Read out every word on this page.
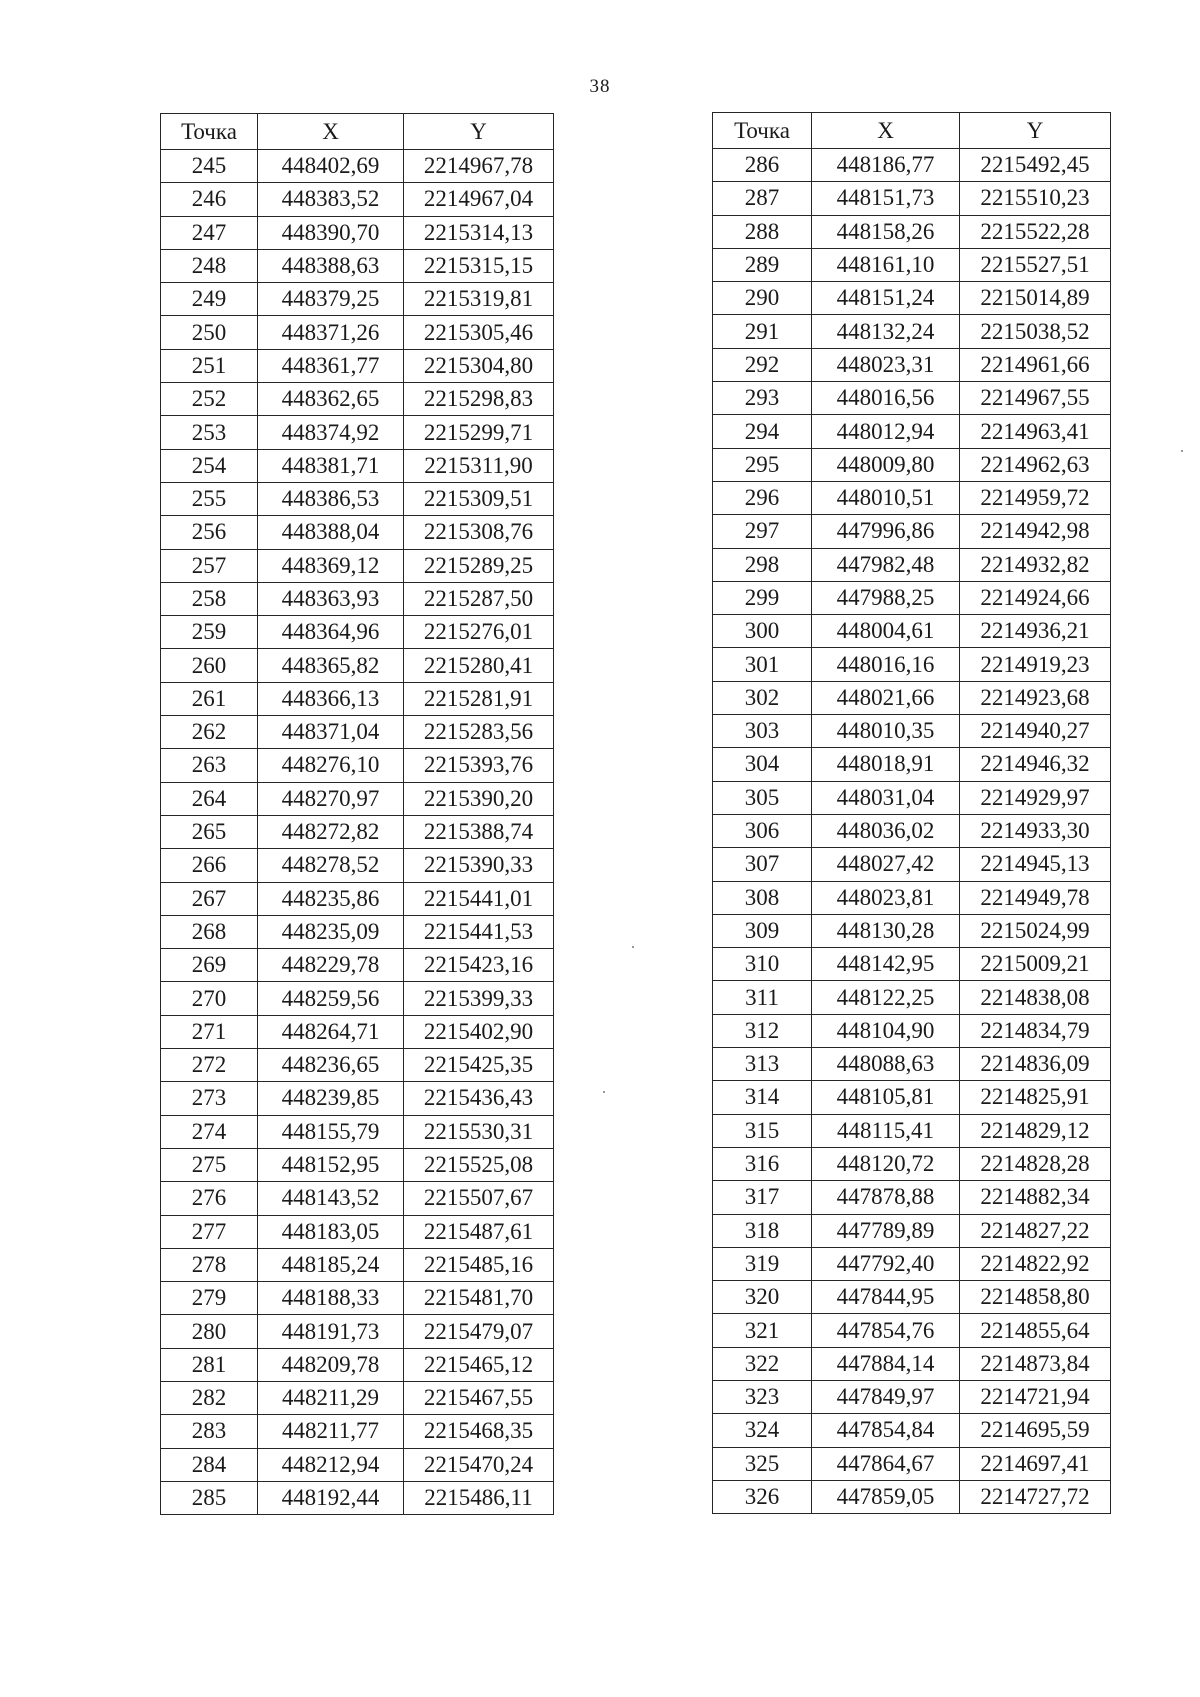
38
Точка	X	Y
245	448402,69	2214967,78
246	448383,52	2214967,04
247	448390,70	2215314,13
248	448388,63	2215315,15
249	448379,25	2215319,81
250	448371,26	2215305,46
251	448361,77	2215304,80
252	448362,65	2215298,83
253	448374,92	2215299,71
254	448381,71	2215311,90
255	448386,53	2215309,51
256	448388,04	2215308,76
257	448369,12	2215289,25
258	448363,93	2215287,50
259	448364,96	2215276,01
260	448365,82	2215280,41
261	448366,13	2215281,91
262	448371,04	2215283,56
263	448276,10	2215393,76
264	448270,97	2215390,20
265	448272,82	2215388,74
266	448278,52	2215390,33
267	448235,86	2215441,01
268	448235,09	2215441,53
269	448229,78	2215423,16
270	448259,56	2215399,33
271	448264,71	2215402,90
272	448236,65	2215425,35
273	448239,85	2215436,43
274	448155,79	2215530,31
275	448152,95	2215525,08
276	448143,52	2215507,67
277	448183,05	2215487,61
278	448185,24	2215485,16
279	448188,33	2215481,70
280	448191,73	2215479,07
281	448209,78	2215465,12
282	448211,29	2215467,55
283	448211,77	2215468,35
284	448212,94	2215470,24
285	448192,44	2215486,11
Точка	X	Y
286	448186,77	2215492,45
287	448151,73	2215510,23
288	448158,26	2215522,28
289	448161,10	2215527,51
290	448151,24	2215014,89
291	448132,24	2215038,52
292	448023,31	2214961,66
293	448016,56	2214967,55
294	448012,94	2214963,41
295	448009,80	2214962,63
296	448010,51	2214959,72
297	447996,86	2214942,98
298	447982,48	2214932,82
299	447988,25	2214924,66
300	448004,61	2214936,21
301	448016,16	2214919,23
302	448021,66	2214923,68
303	448010,35	2214940,27
304	448018,91	2214946,32
305	448031,04	2214929,97
306	448036,02	2214933,30
307	448027,42	2214945,13
308	448023,81	2214949,78
309	448130,28	2215024,99
310	448142,95	2215009,21
311	448122,25	2214838,08
312	448104,90	2214834,79
313	448088,63	2214836,09
314	448105,81	2214825,91
315	448115,41	2214829,12
316	448120,72	2214828,28
317	447878,88	2214882,34
318	447789,89	2214827,22
319	447792,40	2214822,92
320	447844,95	2214858,80
321	447854,76	2214855,64
322	447884,14	2214873,84
323	447849,97	2214721,94
324	447854,84	2214695,59
325	447864,67	2214697,41
326	447859,05	2214727,72
